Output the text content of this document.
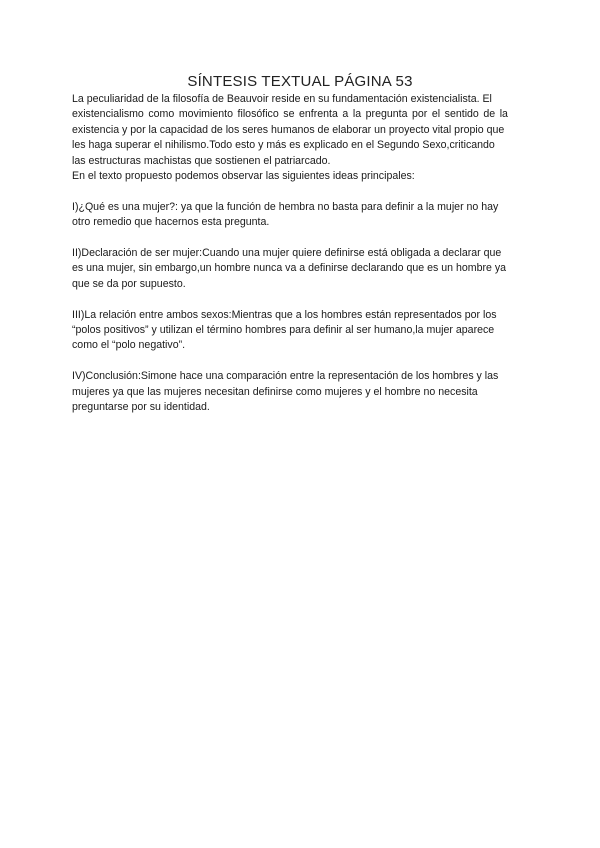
SÍNTESIS TEXTUAL PÁGINA 53
La peculiaridad de la filosofía de Beauvoir reside en su fundamentación existencialista. El
existencialismo como movimiento filosófico se enfrenta a la pregunta por el sentido de la
existencia y por la capacidad de los seres humanos de elaborar un proyecto vital propio que
les haga superar el nihilismo.Todo esto y más es explicado en el Segundo Sexo,criticando
las estructuras machistas que sostienen el patriarcado.
En el texto propuesto podemos observar las siguientes ideas principales:
I)¿Qué es una mujer?: ya que la función de hembra no basta para definir a la mujer no hay
otro remedio que hacernos esta pregunta.
II)Declaración de ser mujer:Cuando una mujer quiere definirse está obligada a declarar que
es una mujer, sin embargo,un hombre nunca va a definirse declarando que es un hombre ya
que se da por supuesto.
III)La relación entre ambos sexos:Mientras que a los hombres están representados por los
“polos positivos” y utilizan el término hombres para definir al ser humano,la mujer aparece
como el “polo negativo”.
IV)Conclusión:Simone hace una comparación entre la representación de los hombres y las
mujeres ya que las mujeres necesitan definirse como mujeres y el hombre no necesita
preguntarse por su identidad.
